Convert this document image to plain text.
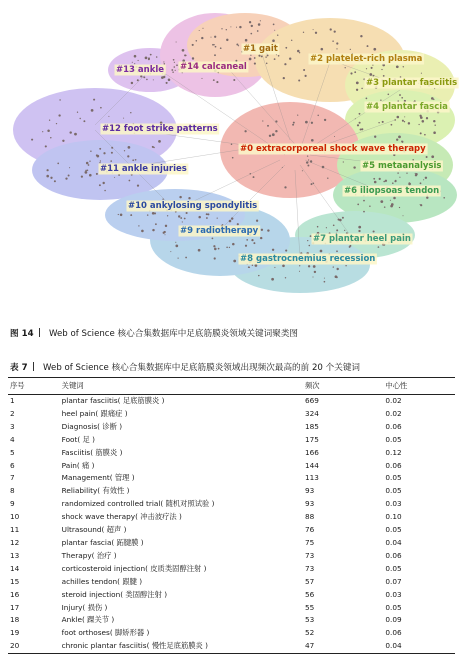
#0 extracorporeal shock wave therapy
#1 gait
#2 platelet-rich plasma
#3 plantar fasciitis
#4 plantar fascia
#5 metaanalysis
#6 iliopsoas tendon
#7 plantar heel pain
#8 gastrocnemius recession
#9 radiotherapy
#10 ankylosing spondylitis
#11 ankle injuries
#12 foot strike patterns
#13 ankle #14 calcaneal
图 14 Web of Science 核心合集数据库中足底筋膜炎领域关键词聚类图
表 7 Web of Science 核心合集数据库中足底筋膜炎领域出现频次最高的前 20 个关键词
序号	关键词	频次	中心性
1	plantar fasciitis( 足底筋膜炎 )	669	0.02
2	heel pain( 跟痛症 )	324	0.02
3	Diagnosis( 诊断 )	185	0.06
4	Foot( 足 )	175	0.05
5	Fasciitis( 筋膜炎 )	166	0.12
6	Pain( 痛 )	144	0.06
7	Management( 管理 )	113	0.05
8	Reliability( 有效性 )	93	0.05
9	randomized controlled trial( 随机对照试验 )	93	0.03
10	shock wave therapy( 冲击波疗法 )	88	0.10
11	Ultrasound( 超声 )	76	0.05
12	plantar fascia( 跖腱膜 )	75	0.04
13	Therapy( 治疗 )	73	0.06
14	corticosteroid injection( 皮质类固醇注射 )	73	0.05
15	achilles tendon( 跟腱 )	57	0.07
16	steroid injection( 类固醇注射 )	56	0.03
17	Injury( 损伤 )	55	0.05
18	Ankle( 踝关节 )	53	0.09
19	foot orthoses( 脚矫形器 )	52	0.06
20	chronic plantar fasciitis( 慢性足底筋膜炎 )	47	0.04
